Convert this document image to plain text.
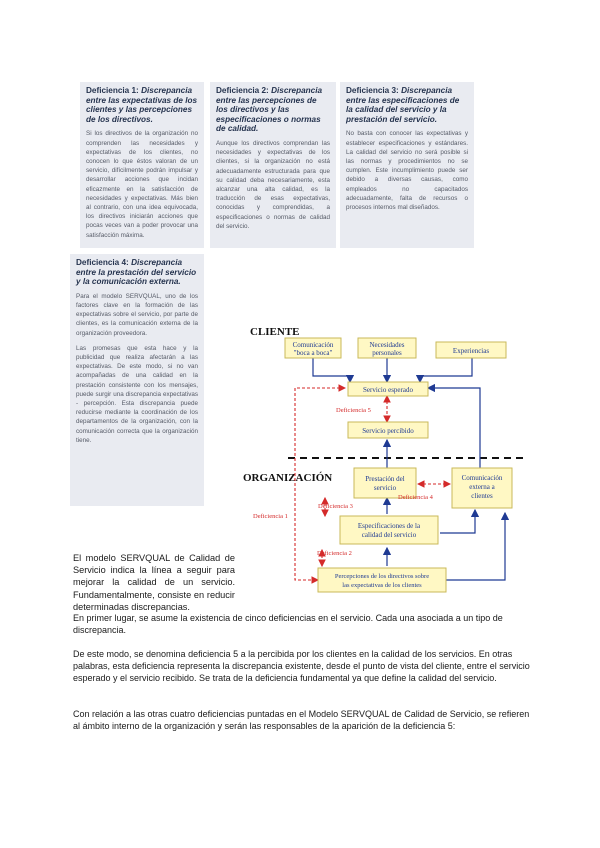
Deficiencia 1: Discrepancia entre las expectativas de los clientes y las percepciones de los directivos.

Si los directivos de la organización no comprenden las necesidades y expectativas de los clientes, no conocen lo que éstos valoran de un servicio, difícilmente podrán impulsar y desarrollar acciones que incidan eficazmente en la satisfacción de necesidades y expectativas. Más bien al contrario, con una idea equivocada, los directivos iniciarán acciones que pocas veces van a poder provocar una satisfacción máxima.

Deficiencia 2: Discrepancia entre las percepciones de los directivos y las especificaciones o normas de calidad.

Aunque los directivos comprendan las necesidades y expectativas de los clientes, si la organización no está adecuadamente estructurada para que su calidad deba necesariamente, esta alcanzar una alta calidad, es la traducción de esas expectativas, conocidas y comprendidas, a especificaciones o normas de calidad del servicio.

Deficiencia 3: Discrepancia entre las especificaciones de la calidad del servicio y la prestación del servicio.

No basta con conocer las expectativas y establecer especificaciones y estándares. La calidad del servicio no será posible si las normas y procedimientos no se cumplen. Este incumplimiento puede ser debido a diversas causas, como empleados no capacitados adecuadamente, falta de recursos o procesos internos mal diseñados.

Deficiencia 4: Discrepancia entre la prestación del servicio y la comunicación externa.

Para el modelo SERVQUAL, uno de los factores clave en la formación de las expectativas sobre el servicio, por parte de clientes, es la comunicación externa de la organización proveedora.

Las promesas que esta hace y la publicidad que realiza afectarán a las expectativas. De este modo, si no van acompañadas de una calidad en la prestación consistente con los mensajes, puede surgir una discrepancia expectativas - percepción. Esta discrepancia puede reducirse mediante la coordinación de los departamentos de la organización, con la comunicación correcta que la organización tiene.

CLIENTE
ORGANIZACIÓN
Comunicación
"boca a boca"
Necesidades
personales	Experiencias
Servicio esperado
Deficiencia 5
Servicio percibido
Prestación del
servicio
Comunicación
externa a
clientes
Deficiencia 4
Deficiencia 3
Deficiencia 1
Especificaciones de la
calidad del servicio
Deficiencia 2
Percepciones de los directivos sobre
las expectativas de los clientes
El modelo SERVQUAL de Calidad de Servicio indica la línea a seguir para mejorar la calidad de un servicio. Fundamentalmente, consiste en reducir determinadas discrepancias.
En primer lugar, se asume la existencia de cinco deficiencias en el servicio. Cada una asociada a un tipo de discrepancia.
De este modo, se denomina deficiencia 5 a la percibida por los clientes en la calidad de los servicios. En otras palabras, esta deficiencia representa la discrepancia existente, desde el punto de vista del cliente, entre el servicio esperado y el servicio recibido. Se trata de la deficiencia fundamental ya que define la calidad del servicio.
Con relación a las otras cuatro deficiencias puntadas en el Modelo SERVQUAL de Calidad de Servicio, se refieren al ámbito interno de la organización y serán las responsables de la aparición de la deficiencia 5:
